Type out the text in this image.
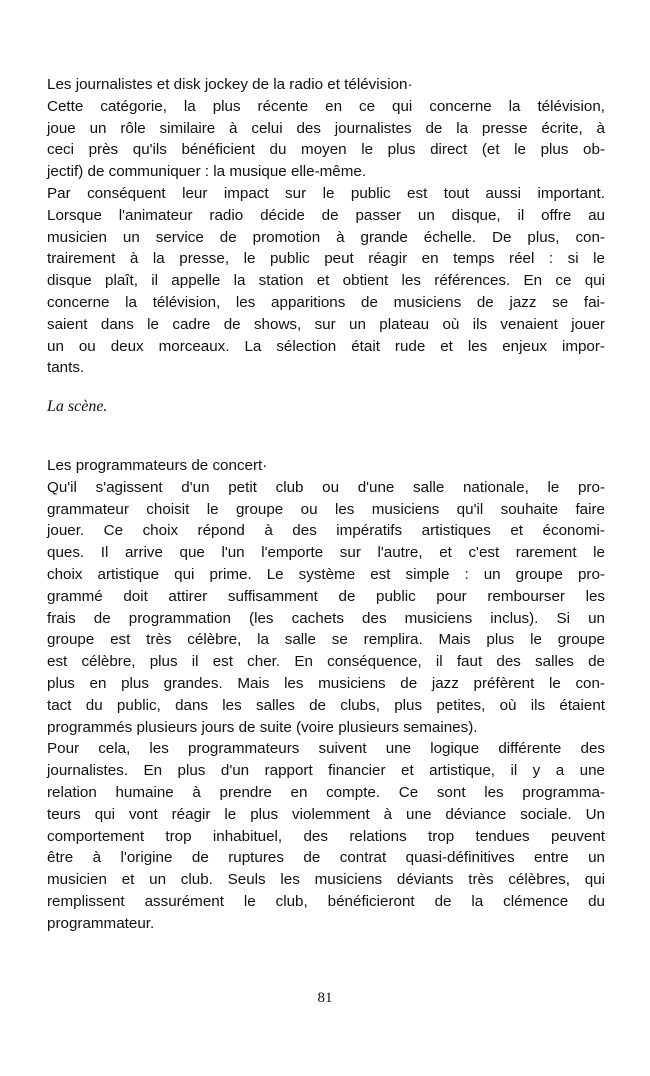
Les journalistes et disk jockey de la radio et télévision·
Cette catégorie, la plus récente en ce qui concerne la télévision,
joue un rôle similaire à celui des journalistes de la presse écrite, à
ceci près qu'ils bénéficient du moyen le plus direct (et le plus ob-
jectif) de communiquer : la musique elle-même.
Par conséquent leur impact sur le public est tout aussi important.
Lorsque l'animateur radio décide de passer un disque, il offre au
musicien un service de promotion à grande échelle. De plus, con-
trairement à la presse, le public peut réagir en temps réel : si le
disque plaît, il appelle la station et obtient les références. En ce qui
concerne la télévision, les apparitions de musiciens de jazz se fai-
saient dans le cadre de shows, sur un plateau où ils venaient jouer
un ou deux morceaux. La sélection était rude et les enjeux impor-
tants.
La scène.
Les programmateurs de concert·
Qu'il s'agissent d'un petit club ou d'une salle nationale, le pro-
grammateur choisit le groupe ou les musiciens qu'il souhaite faire
jouer. Ce choix répond à des impératifs artistiques et économi-
ques. Il arrive que l'un l'emporte sur l'autre, et c'est rarement le
choix artistique qui prime. Le système est simple : un groupe pro-
grammé doit attirer suffisamment de public pour rembourser les
frais de programmation (les cachets des musiciens inclus). Si un
groupe est très célèbre, la salle se remplira. Mais plus le groupe
est célèbre, plus il est cher. En conséquence, il faut des salles de
plus en plus grandes. Mais les musiciens de jazz préfèrent le con-
tact du public, dans les salles de clubs, plus petites, où ils étaient
programmés plusieurs jours de suite (voire plusieurs semaines).
Pour cela, les programmateurs suivent une logique différente des
journalistes. En plus d'un rapport financier et artistique, il y a une
relation humaine à prendre en compte. Ce sont les programma-
teurs qui vont réagir le plus violemment à une déviance sociale. Un
comportement trop inhabituel, des relations trop tendues peuvent
être à l'origine de ruptures de contrat quasi-définitives entre un
musicien et un club. Seuls les musiciens déviants très célèbres, qui
remplissent assurément le club, bénéficieront de la clémence du
programmateur.
81
